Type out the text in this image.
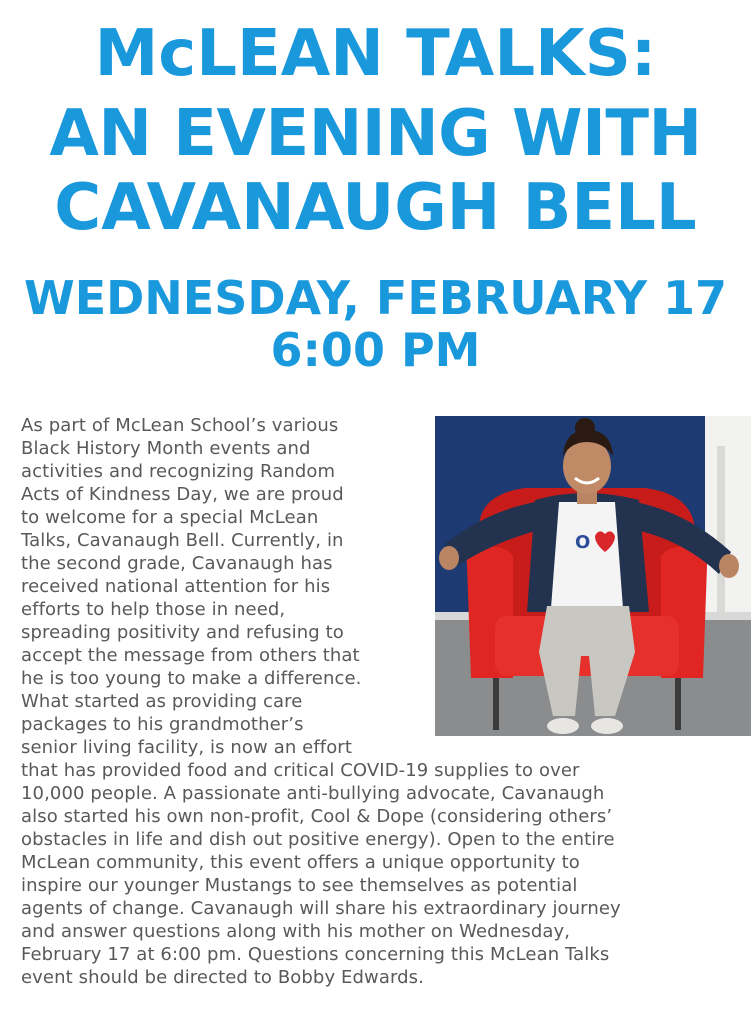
McLEAN TALKS:
AN EVENING WITH
CAVANAUGH BELL
WEDNESDAY, FEBRUARY 17
6:00 PM
O
As part of McLean School’s various
Black History Month events and
activities and recognizing Random
Acts of Kindness Day, we are proud
to welcome for a special McLean
Talks, Cavanaugh Bell. Currently, in
the second grade, Cavanaugh has
received national attention for his
efforts to help those in need,
spreading positivity and refusing to
accept the message from others that
he is too young to make a difference.
What started as providing care
packages to his grandmother’s
senior living facility, is now an effort
that has provided food and critical COVID-19 supplies to over
10,000 people. A passionate anti-bullying advocate, Cavanaugh
also started his own non-profit, Cool & Dope (considering others’
obstacles in life and dish out positive energy). Open to the entire
McLean community, this event offers a unique opportunity to
inspire our younger Mustangs to see themselves as potential
agents of change. Cavanaugh will share his extraordinary journey
and answer questions along with his mother on Wednesday,
February 17 at 6:00 pm. Questions concerning this McLean Talks
event should be directed to Bobby Edwards.
